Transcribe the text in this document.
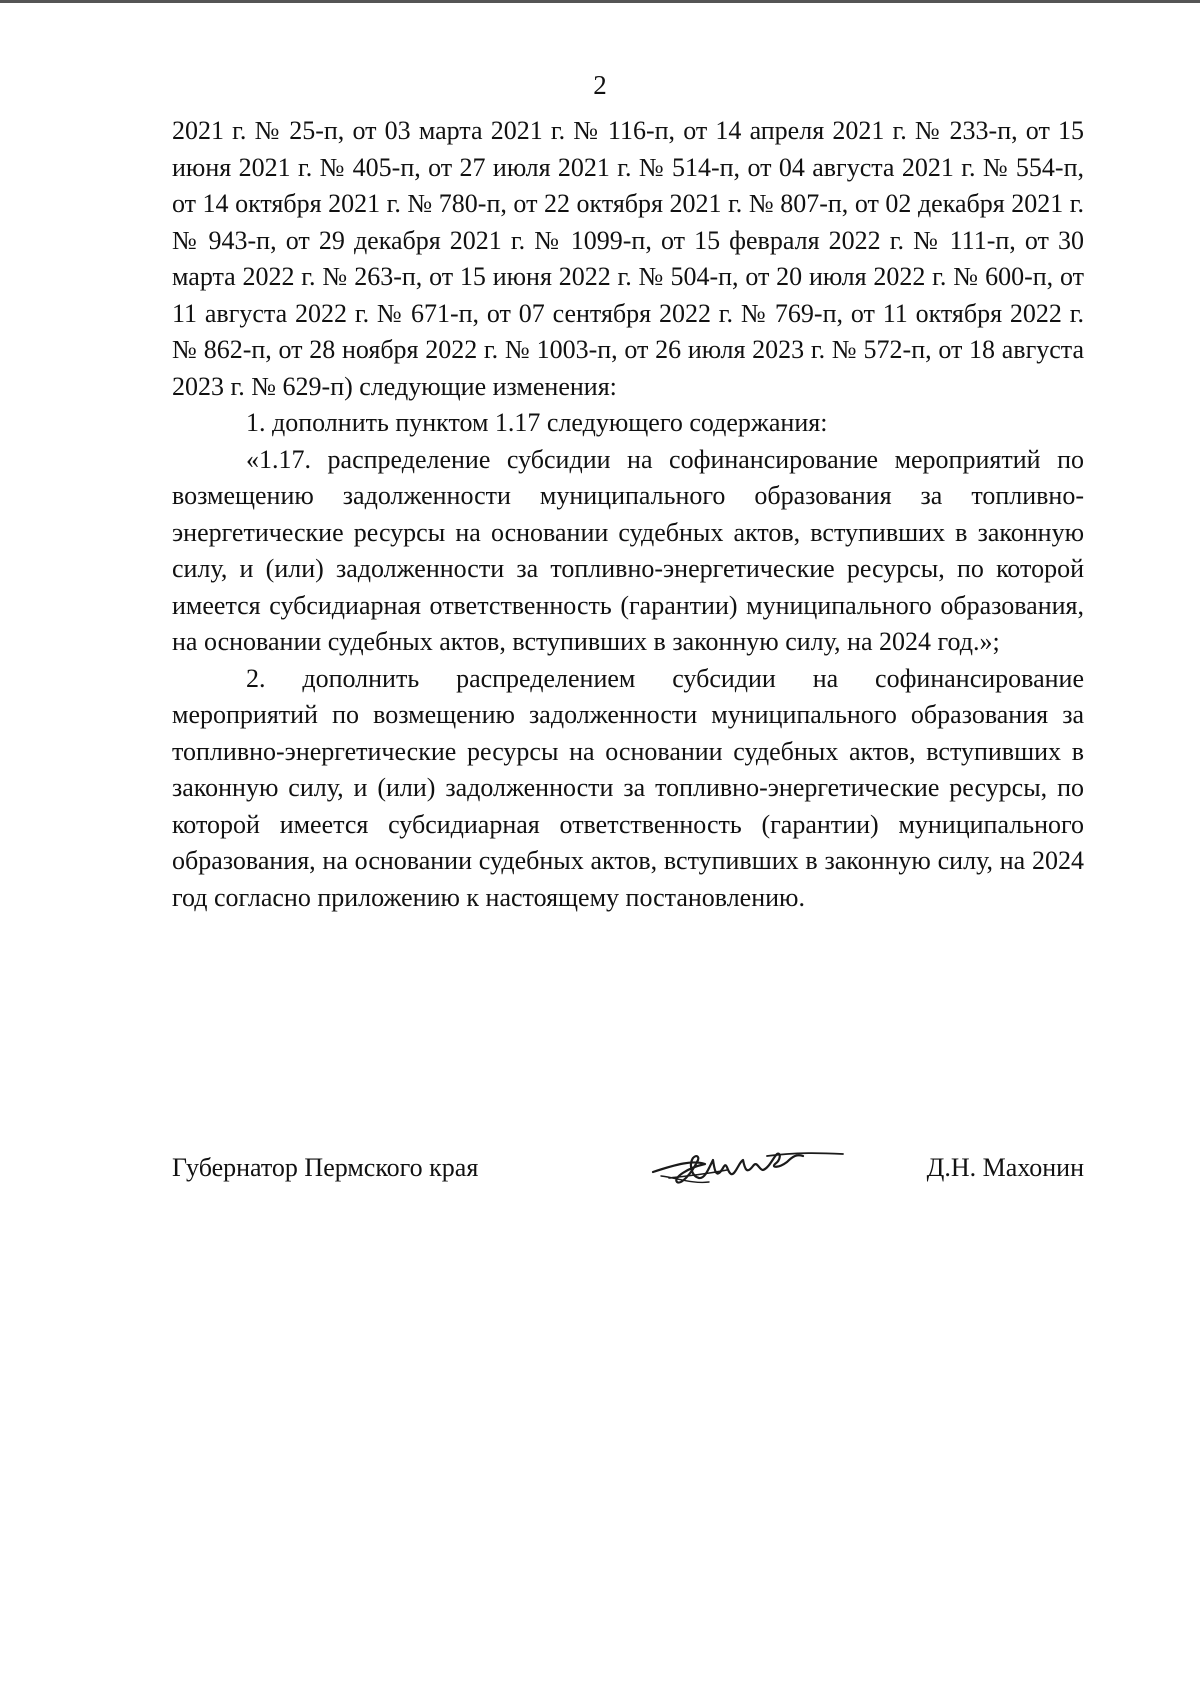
2

2021 г. № 25-п, от 03 марта 2021 г. № 116-п, от 14 апреля 2021 г. № 233-п, от 15 июня 2021 г. № 405-п, от 27 июля 2021 г. № 514-п, от 04 августа 2021 г. № 554-п, от 14 октября 2021 г. № 780-п, от 22 октября 2021 г. № 807-п, от 02 декабря 2021 г. № 943-п, от 29 декабря 2021 г. № 1099-п, от 15 февраля 2022 г. № 111-п, от 30 марта 2022 г. № 263-п, от 15 июня 2022 г. № 504-п, от 20 июля 2022 г. № 600-п, от 11 августа 2022 г. № 671-п, от 07 сентября 2022 г. № 769-п, от 11 октября 2022 г. № 862-п, от 28 ноября 2022 г. № 1003-п, от 26 июля 2023 г. № 572-п, от 18 августа 2023 г. № 629-п) следующие изменения:

1. дополнить пунктом 1.17 следующего содержания:

«1.17. распределение субсидии на софинансирование мероприятий по возмещению задолженности муниципального образования за топливно-энергетические ресурсы на основании судебных актов, вступивших в законную силу, и (или) задолженности за топливно-энергетические ресурсы, по которой имеется субсидиарная ответственность (гарантии) муниципального образования, на основании судебных актов, вступивших в законную силу, на 2024 год.»;

2. дополнить распределением субсидии на софинансирование мероприятий по возмещению задолженности муниципального образования за топливно-энергетические ресурсы на основании судебных актов, вступивших в законную силу, и (или) задолженности за топливно-энергетические ресурсы, по которой имеется субсидиарная ответственность (гарантии) муниципального образования, на основании судебных актов, вступивших в законную силу, на 2024 год согласно приложению к настоящему постановлению.

Губернатор Пермского края	Д.Н. Махонин
